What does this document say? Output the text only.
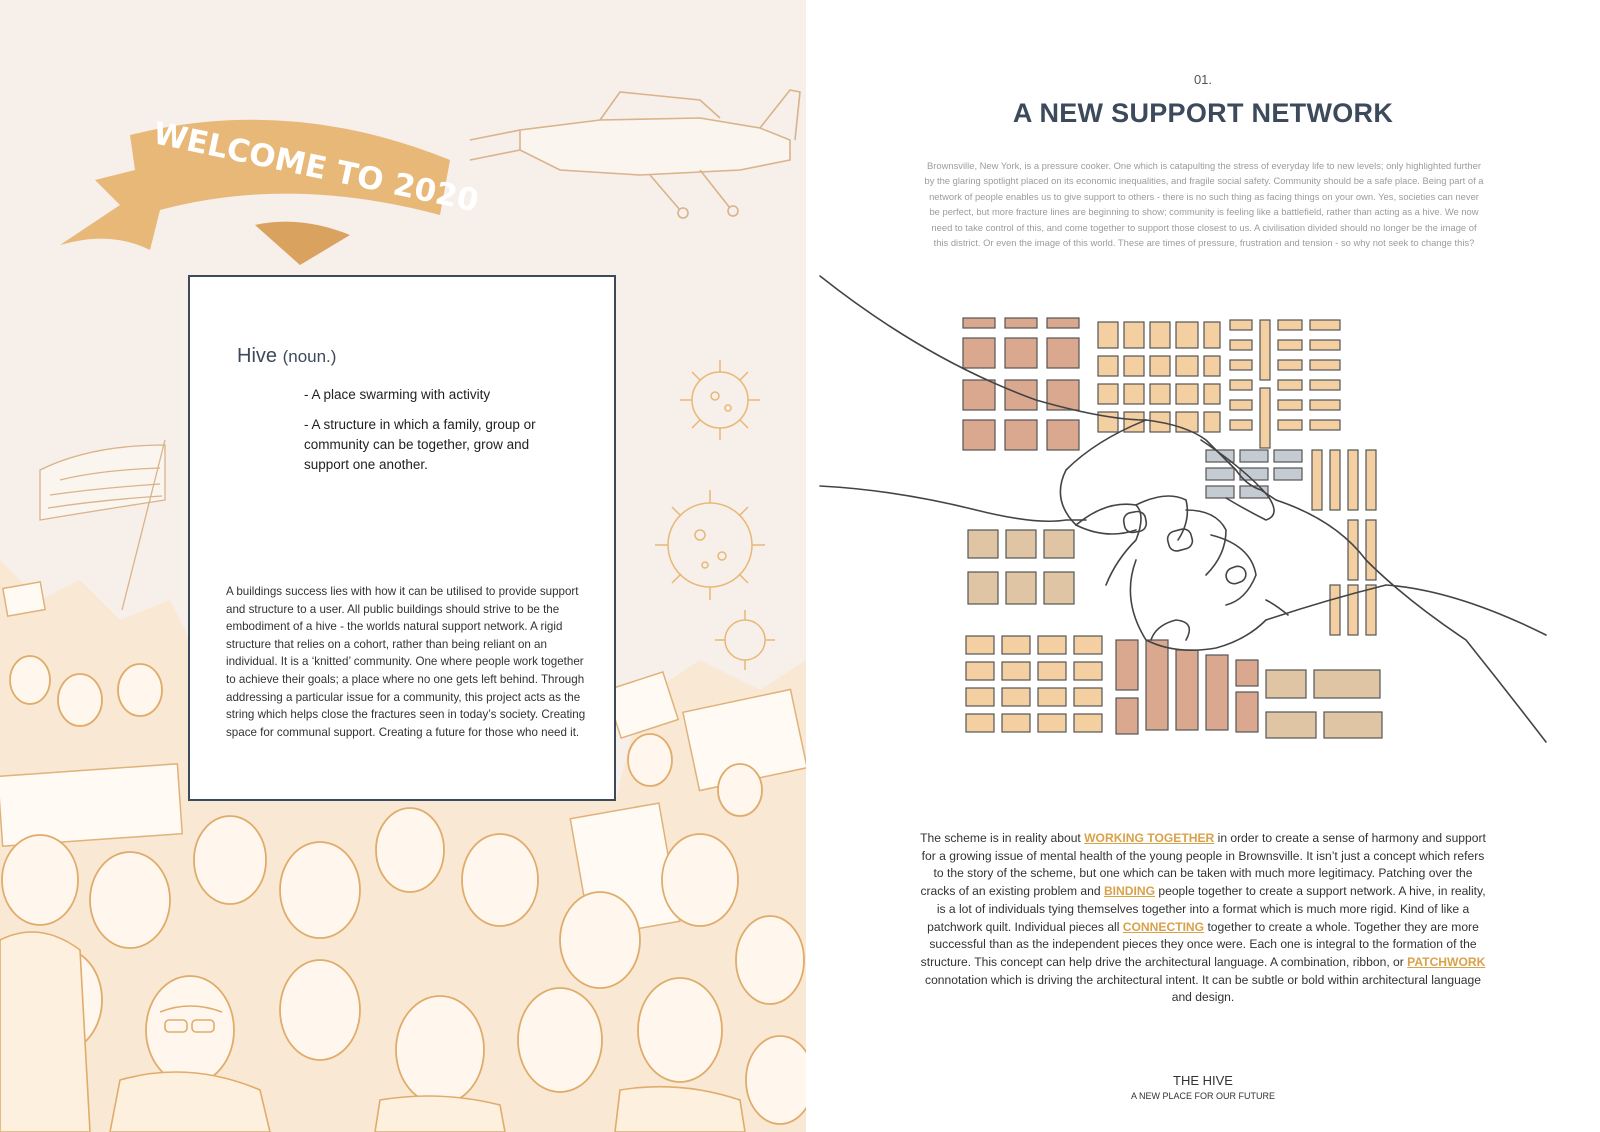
WELCOME TO 2020
Hive (noun.)
- A place swarming with activity
- A structure in which a family, group or community can be together, grow and support one another.
A buildings success lies with how it can be utilised to provide support and structure to a user. All public buildings should strive to be the embodiment of a hive - the worlds natural support network. A rigid structure that relies on a cohort, rather than being reliant on an individual. It is a ‘knitted’ community. One where people work together to achieve their goals; a place where no one gets left behind. Through addressing a particular issue for a community, this project acts as the string which helps close the fractures seen in today’s society. Creating space for communal support. Creating a future for those who need it.
01.
A NEW SUPPORT NETWORK
Brownsville, New York, is a pressure cooker. One which is catapulting the stress of everyday life to new levels; only highlighted further by the glaring spotlight placed on its economic inequalities, and fragile social safety. Community should be a safe place. Being part of a network of people enables us to give support to others - there is no such thing as facing things on your own. Yes, societies can never be perfect, but more fracture lines are beginning to show; community is feeling like a battlefield, rather than acting as a hive. We now need to take control of this, and come together to support those closest to us. A civilisation divided should no longer be the image of this district. Or even the image of this world. These are times of pressure, frustration and tension - so why not seek to change this?
The scheme is in reality about WORKING TOGETHER in order to create a sense of harmony and support for a growing issue of mental health of the young people in Brownsville. It isn’t just a concept which refers to the story of the scheme, but one which can be taken with much more legitimacy. Patching over the cracks of an existing problem and BINDING people together to create a support network. A hive, in reality, is a lot of individuals tying themselves together into a format which is much more rigid. Kind of like a patchwork quilt. Individual pieces all CONNECTING together to create a whole. Together they are more successful than as the independent pieces they once were. Each one is integral to the formation of the structure. This concept can help drive the architectural language. A combination, ribbon, or PATCHWORK connotation which is driving the architectural intent. It can be subtle or bold within architectural language and design.
THE HIVE
A NEW PLACE FOR OUR FUTURE
